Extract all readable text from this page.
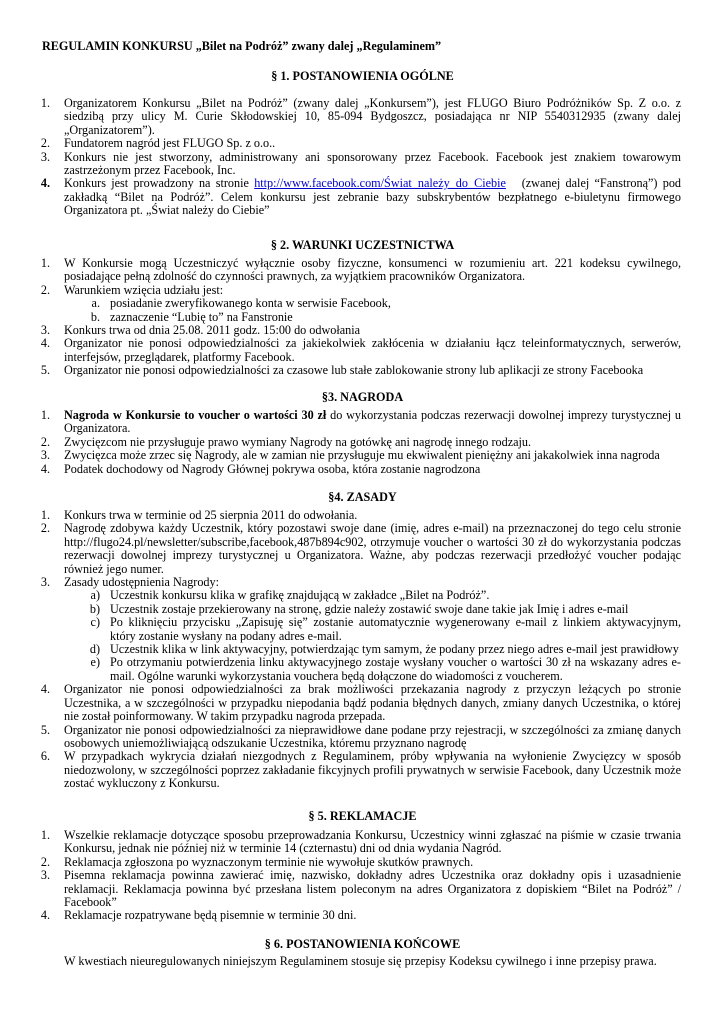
REGULAMIN KONKURSU „Bilet na Podróż” zwany dalej „Regulaminem”
§ 1. POSTANOWIENIA OGÓLNE
1. Organizatorem Konkursu „Bilet na Podróż” (zwany dalej „Konkursem”), jest FLUGO Biuro Podróżników Sp. Z o.o. z siedzibą przy ulicy M. Curie Skłodowskiej 10, 85-094 Bydgoszcz, posiadająca nr NIP 5540312935 (zwany dalej „Organizatorem”).
2. Fundatorem nagród jest FLUGO Sp. z o.o..
3. Konkurs nie jest stworzony, administrowany ani sponsorowany przez Facebook. Facebook jest znakiem towarowym zastrzeżonym przez Facebook, Inc.
4. Konkurs jest prowadzony na stronie http://www.facebook.com/Świat_należy_do_Ciebie (zwanej dalej “Fanstroną”) pod zakładką “Bilet na Podróż”. Celem konkursu jest zebranie bazy subskrybentów bezpłatnego e-biuletynu firmowego Organizatora pt. „Świat należy do Ciebie”
§ 2. WARUNKI UCZESTNICTWA
1. W Konkursie mogą Uczestniczyć wyłącznie osoby fizyczne, konsumenci w rozumieniu art. 221 kodeksu cywilnego, posiadające pełną zdolność do czynności prawnych, za wyjątkiem pracowników Organizatora.
2. Warunkiem wzięcia udziału jest:
a. posiadanie zweryfikowanego konta w serwisie Facebook,
b. zaznaczenie “Lubię to” na Fanstronie
3. Konkurs trwa od dnia 25.08. 2011 godz. 15:00 do odwołania
4. Organizator nie ponosi odpowiedzialności za jakiekolwiek zakłócenia w działaniu łącz teleinformatycznych, serwerów, interfejsów, przeglądarek, platformy Facebook.
5. Organizator nie ponosi odpowiedzialności za czasowe lub stałe zablokowanie strony lub aplikacji ze strony Facebooka
§3. NAGRODA
1. Nagroda w Konkursie to voucher o wartości 30 zł do wykorzystania podczas rezerwacji dowolnej imprezy turystycznej u Organizatora.
2. Zwycięzcom nie przysługuje prawo wymiany Nagrody na gotówkę ani nagrodę innego rodzaju.
3. Zwycięzca może zrzec się Nagrody, ale w zamian nie przysługuje mu ekwiwalent pieniężny ani jakakolwiek inna nagroda
4. Podatek dochodowy od Nagrody Głównej pokrywa osoba, która zostanie nagrodzona
§4. ZASADY
1. Konkurs trwa w terminie od 25 sierpnia 2011 do odwołania.
2. Nagrodę zdobywa każdy Uczestnik, który pozostawi swoje dane (imię, adres e-mail) na przeznaczonej do tego celu stronie http://flugo24.pl/newsletter/subscribe,facebook,487b894c902, otrzymuje voucher o wartości 30 zł do wykorzystania podczas rezerwacji dowolnej imprezy turystycznej u Organizatora. Ważne, aby podczas rezerwacji przedłożyć voucher podając również jego numer.
3. Zasady udostępnienia Nagrody:
a) Uczestnik konkursu klika w grafikę znajdującą w zakładce „Bilet na Podróż”.
b) Uczestnik zostaje przekierowany na stronę, gdzie należy zostawić swoje dane takie jak Imię i adres e-mail
c) Po kliknięciu przycisku „Zapisuję się” zostanie automatycznie wygenerowany e-mail z linkiem aktywacyjnym, który zostanie wysłany na podany adres e-mail.
d) Uczestnik klika w link aktywacyjny, potwierdzając tym samym, że podany przez niego adres e-mail jest prawidłowy
e) Po otrzymaniu potwierdzenia linku aktywacyjnego zostaje wysłany voucher o wartości 30 zł na wskazany adres e-mail. Ogólne warunki wykorzystania vouchera będą dołączone do wiadomości z voucherem.
4. Organizator nie ponosi odpowiedzialności za brak możliwości przekazania nagrody z przyczyn leżących po stronie Uczestnika, a w szczególności w przypadku niepodania bądź podania błędnych danych, zmiany danych Uczestnika, o której nie został poinformowany. W takim przypadku nagroda przepada.
5. Organizator nie ponosi odpowiedzialności za nieprawidłowe dane podane przy rejestracji, w szczególności za zmianę danych osobowych uniemożliwiającą odszukanie Uczestnika, któremu przyznano nagrodę
6. W przypadkach wykrycia działań niezgodnych z Regulaminem, próby wpływania na wyłonienie Zwycięzcy w sposób niedozwolony, w szczególności poprzez zakładanie fikcyjnych profili prywatnych w serwisie Facebook, dany Uczestnik może zostać wykluczony z Konkursu.
§ 5. REKLAMACJE
1. Wszelkie reklamacje dotyczące sposobu przeprowadzania Konkursu, Uczestnicy winni zgłaszać na piśmie w czasie trwania Konkursu, jednak nie później niż w terminie 14 (czternastu) dni od dnia wydania Nagród.
2. Reklamacja zgłoszona po wyznaczonym terminie nie wywołuje skutków prawnych.
3. Pisemna reklamacja powinna zawierać imię, nazwisko, dokładny adres Uczestnika oraz dokładny opis i uzasadnienie reklamacji. Reklamacja powinna być przesłana listem poleconym na adres Organizatora z dopiskiem “Bilet na Podróż” / Facebook”
4. Reklamacje rozpatrywane będą pisemnie w terminie 30 dni.
§ 6. POSTANOWIENIA KOŃCOWE
W kwestiach nieuregulowanych niniejszym Regulaminem stosuje się przepisy Kodeksu cywilnego i inne przepisy prawa.
